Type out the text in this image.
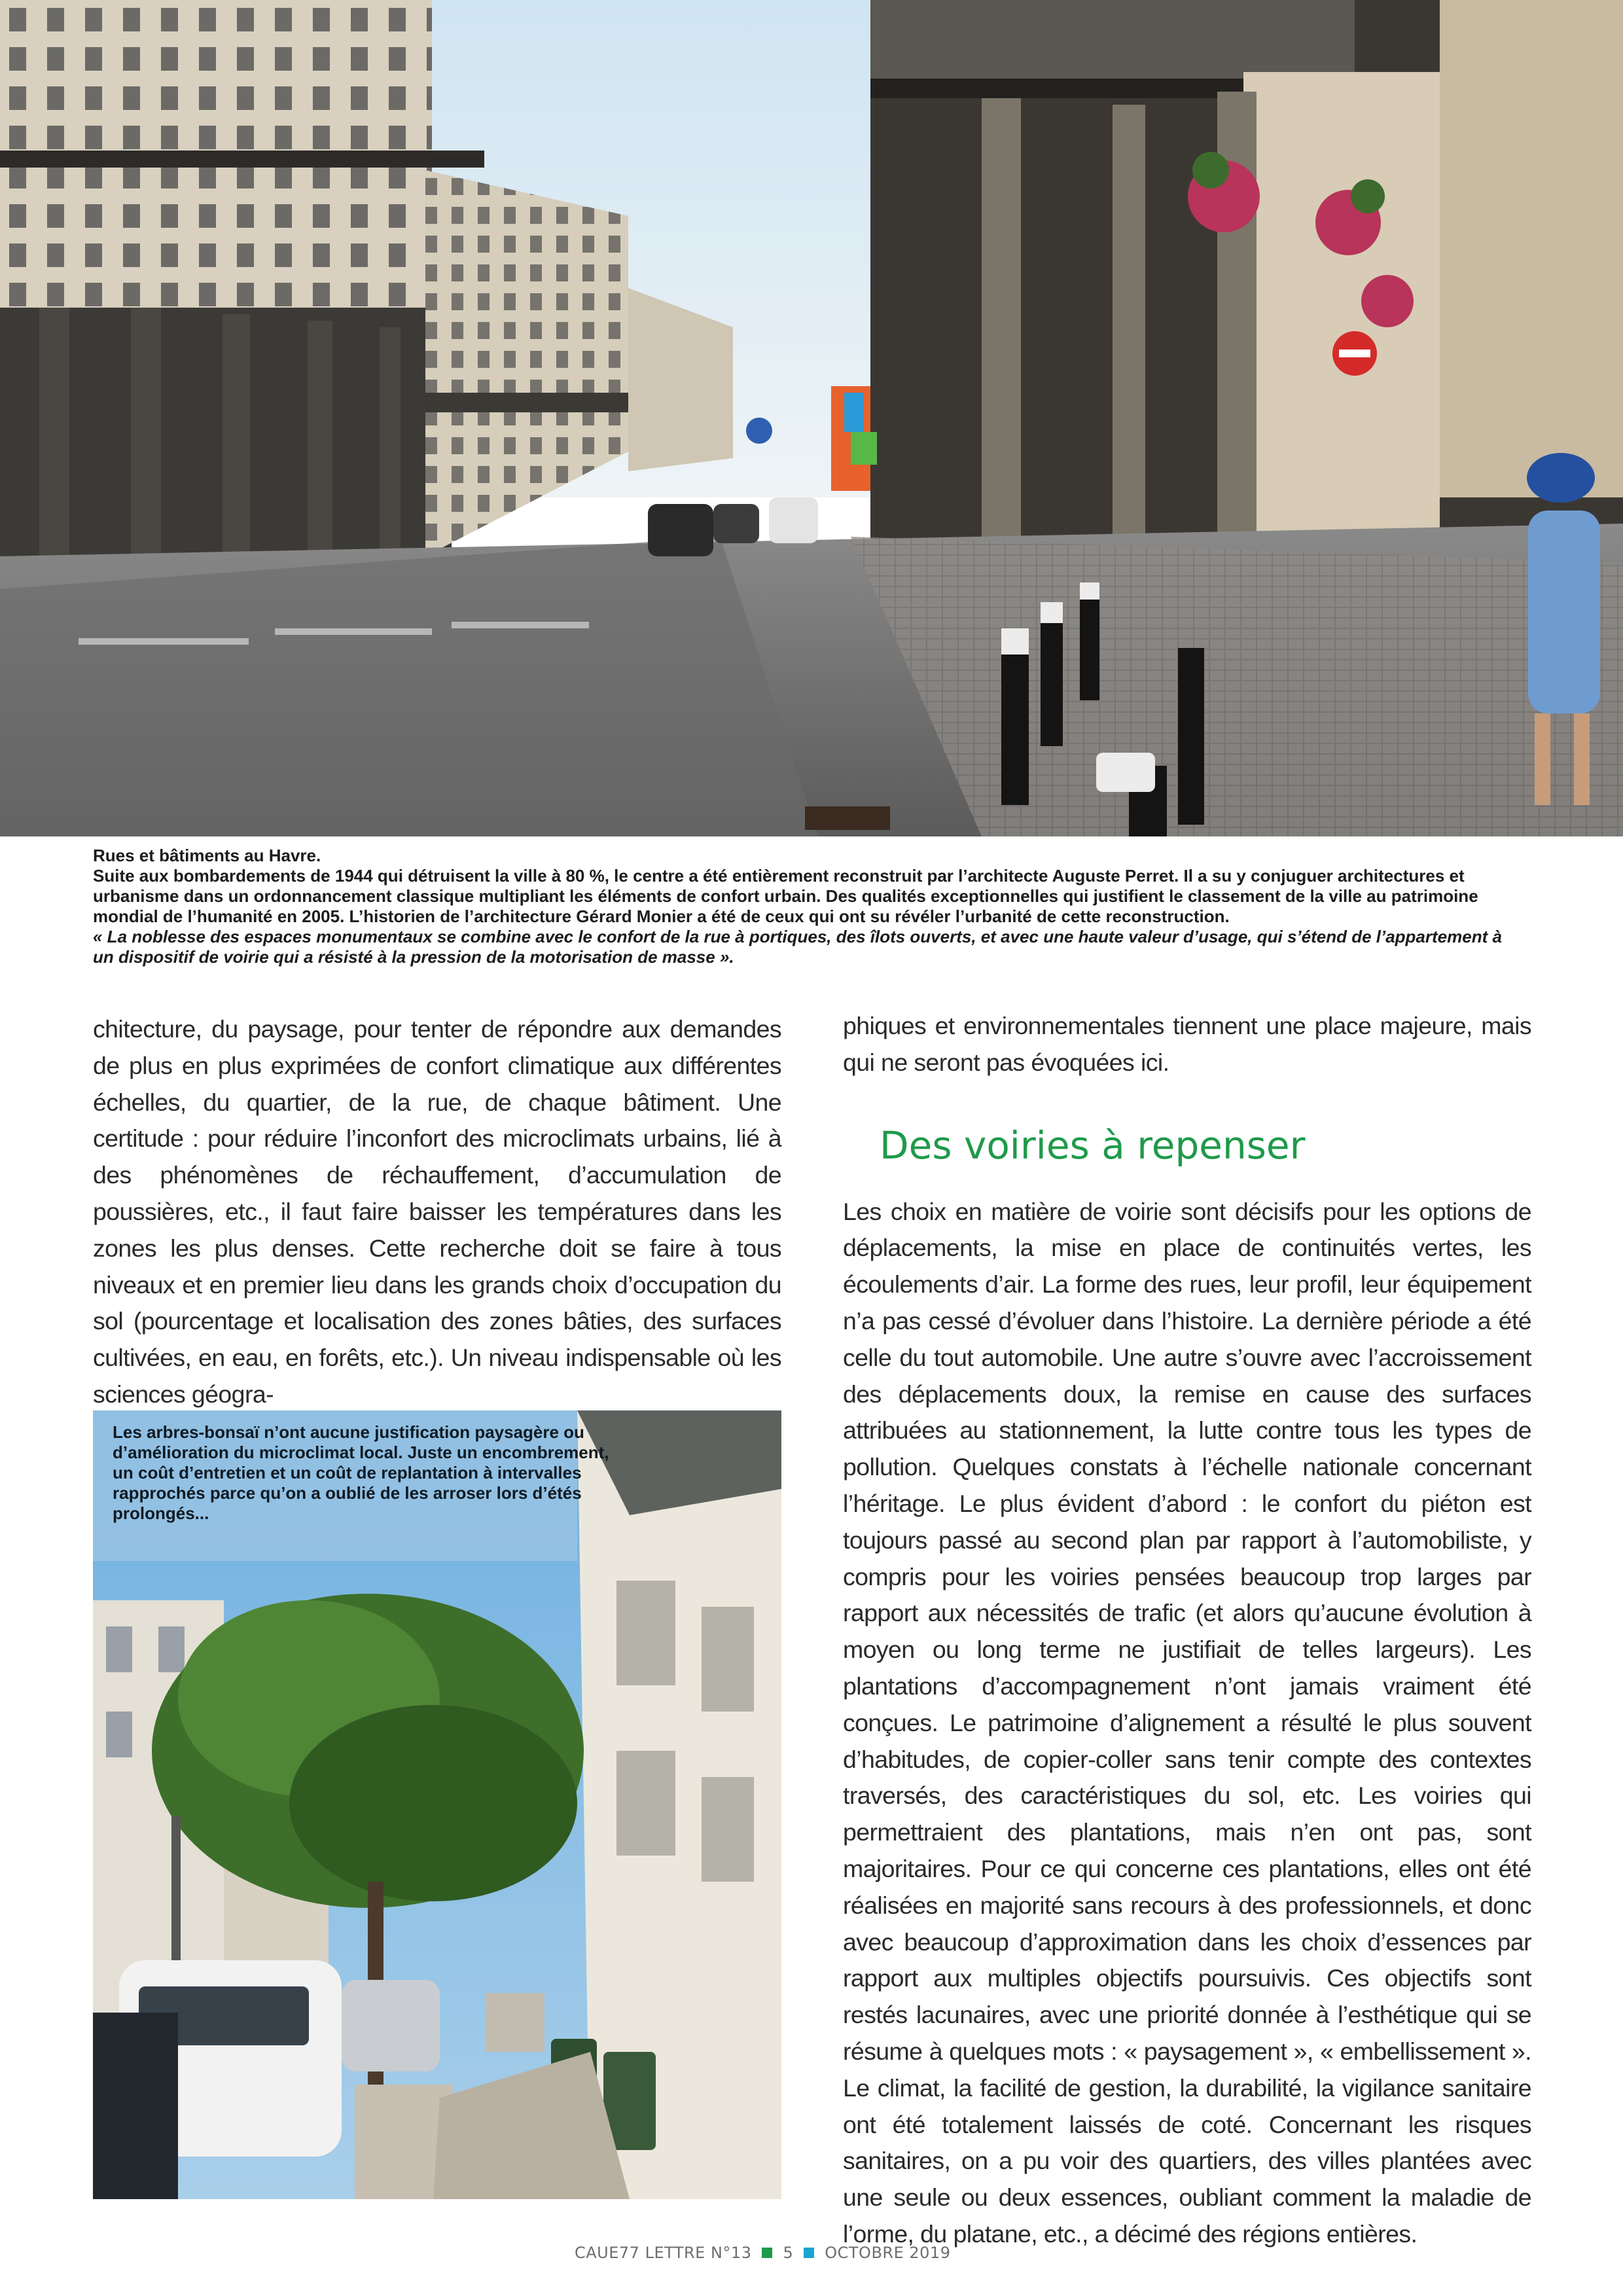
Rues et bâtiments au Havre.

Suite aux bombardements de 1944 qui détruisent la ville à 80 %, le centre a été entièrement reconstruit par l’architecte Auguste Perret. Il a su y conjuguer architectures et urbanisme dans un ordonnancement classique multipliant les éléments de confort urbain. Des qualités exceptionnelles qui justifient le classement de la ville au patrimoine mondial de l’humanité en 2005. L’historien de l’architecture Gérard Monier a été de ceux qui ont su révéler l’urbanité de cette reconstruction.

« La noblesse des espaces monumentaux se combine avec le confort de la rue à portiques, des îlots ouverts, et avec une haute valeur d’usage, qui s’étend de l’appartement à un dispositif de voirie qui a résisté à la pression de la motorisation de masse ».

chitecture, du paysage, pour tenter de répondre aux demandes de plus en plus exprimées de confort climatique aux différentes échelles, du quartier, de la rue, de chaque bâtiment. Une certitude : pour réduire l’inconfort des microclimats urbains, lié à des phénomènes de réchauffement, d’accumulation de poussières, etc., il faut faire baisser les températures dans les zones les plus denses. Cette recherche doit se faire à tous niveaux et en premier lieu dans les grands choix d’occupation du sol (pourcentage et localisation des zones bâties, des surfaces cultivées, en eau, en forêts, etc.). Un niveau indispensable où les sciences géogra-

Les arbres-bonsaï n’ont aucune justification paysagère ou d’amélioration du microclimat local. Juste un encombrement, un coût d’entretien et un coût de replantation à intervalles rapprochés parce qu’on a oublié de les arroser lors d’étés prolongés...

phiques et environnementales tiennent une place majeure, mais qui ne seront pas évoquées ici.

Des voiries à repenser

Les choix en matière de voirie sont décisifs pour les options de déplacements, la mise en place de continuités vertes, les écoulements d’air. La forme des rues, leur profil, leur équipement n’a pas cessé d’évoluer dans l’histoire. La dernière période a été celle du tout automobile. Une autre s’ouvre avec l’accroissement des déplacements doux, la remise en cause des surfaces attribuées au stationnement, la lutte contre tous les types de pollution. Quelques constats à l’échelle nationale concernant l’héritage. Le plus évident d’abord : le confort du piéton est toujours passé au second plan par rapport à l’automobiliste, y compris pour les voiries pensées beaucoup trop larges par rapport aux nécessités de trafic (et alors qu’aucune évolution à moyen ou long terme ne justifiait de telles largeurs). Les plantations d’accompagnement n’ont jamais vraiment été conçues. Le patrimoine d’alignement a résulté le plus souvent d’habitudes, de copier-coller sans tenir compte des contextes traversés, des caractéristiques du sol, etc. Les voiries qui permettraient des plantations, mais n’en ont pas, sont majoritaires. Pour ce qui concerne ces plantations, elles ont été réalisées en majorité sans recours à des professionnels, et donc avec beaucoup d’approximation dans les choix d’essences par rapport aux multiples objectifs poursuivis. Ces objectifs sont restés lacunaires, avec une priorité donnée à l’esthétique qui se résume à quelques mots : « paysagement », « embellissement ». Le climat, la facilité de gestion, la durabilité, la vigilance sanitaire ont été totalement laissés de coté. Concernant les risques sanitaires, on a pu voir des quartiers, des villes plantées avec une seule ou deux essences, oubliant comment la maladie de l’orme, du platane, etc., a décimé des régions entières.

CAUE77 LETTRE N°13 5 OCTOBRE 2019
